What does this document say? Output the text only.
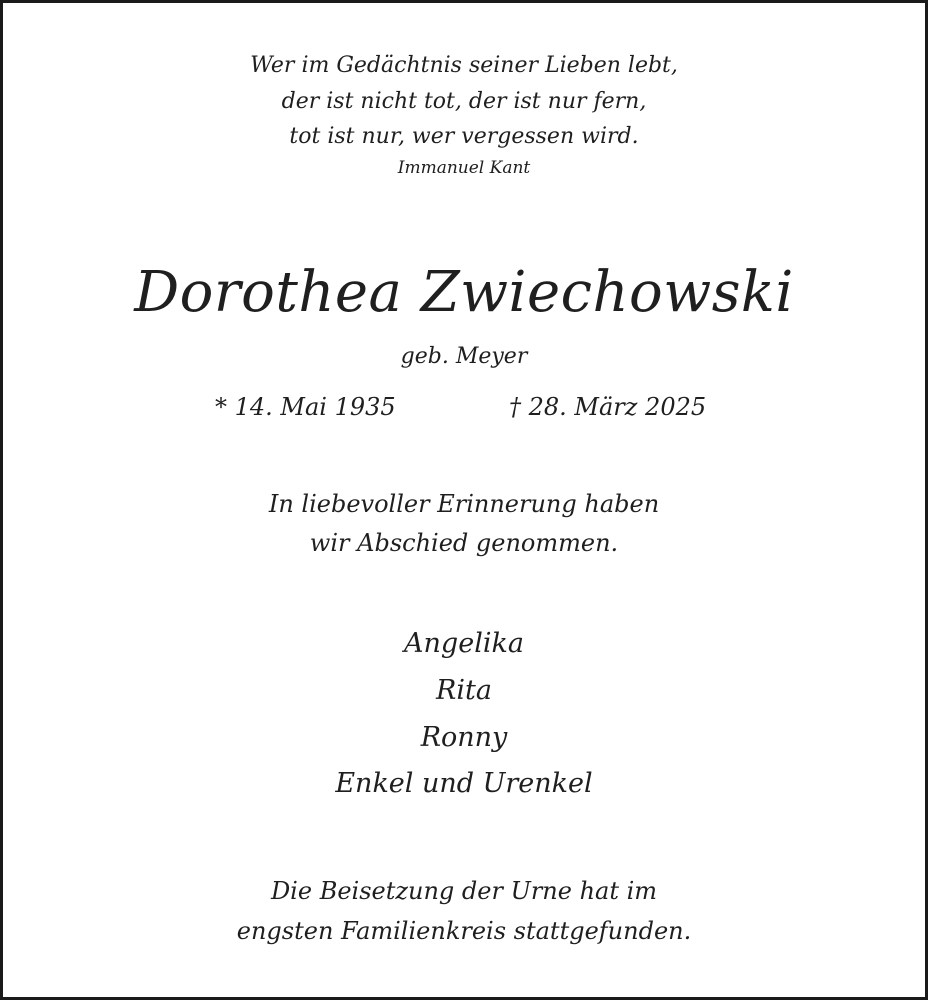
Wer im Gedächtnis seiner Lieben lebt,
der ist nicht tot, der ist nur fern,
tot ist nur, wer vergessen wird.
Immanuel Kant
Dorothea Zwiechowski
geb. Meyer
* 14. Mai 1935	† 28. März 2025
In liebevoller Erinnerung haben
wir Abschied genommen.
Angelika
Rita
Ronny
Enkel und Urenkel
Die Beisetzung der Urne hat im
engsten Familienkreis stattgefunden.
